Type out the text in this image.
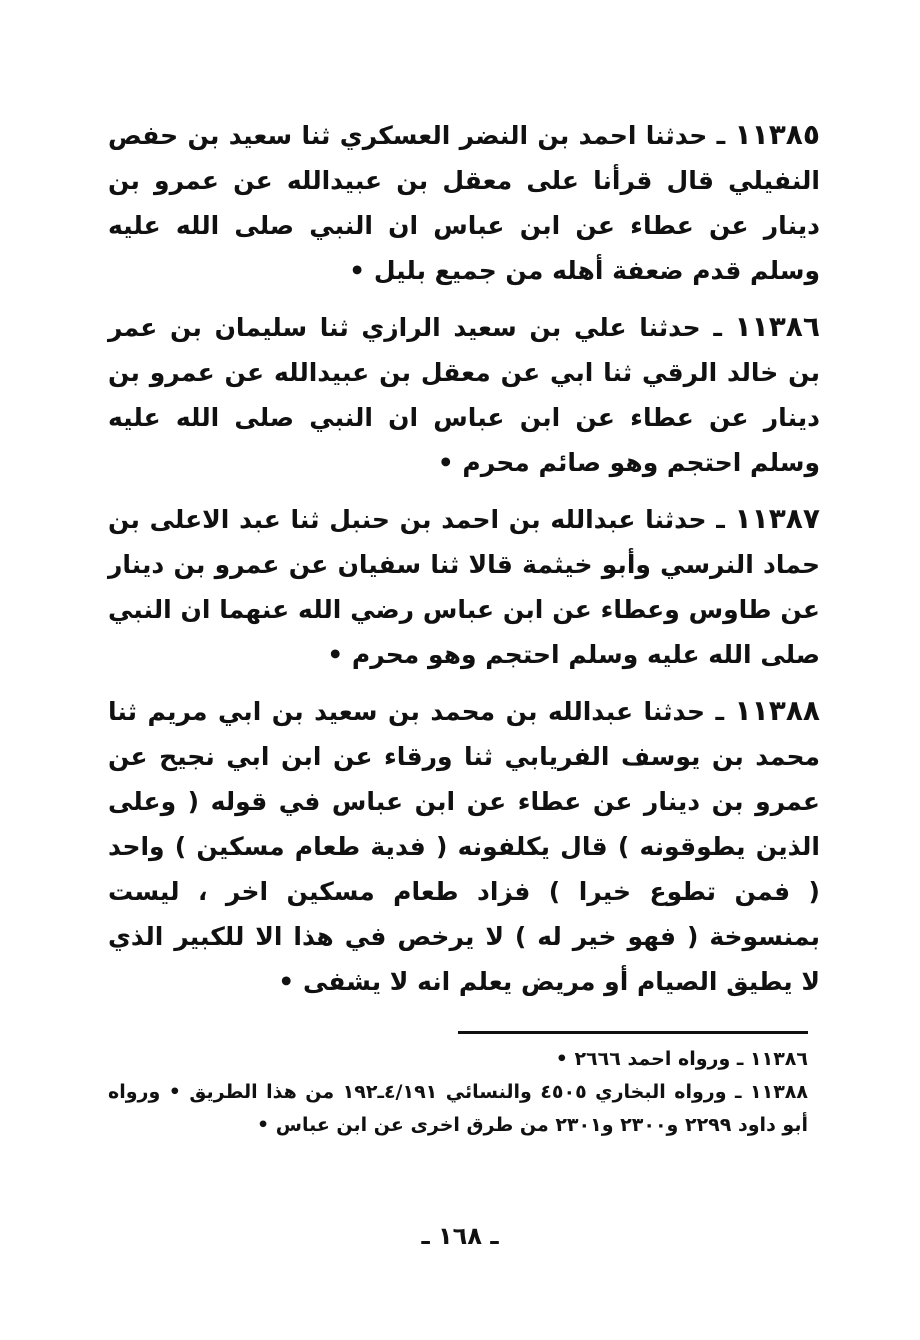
١١٣٨٥ ـ حدثنا احمد بن النضر العسكري ثنا سعيد بن حفص النفيلي قال قرأنا على معقل بن عبيدالله عن عمرو بن دينار عن عطاء عن ابن عباس ان النبي صلى الله عليه وسلم قدم ضعفة أهله من جميع بليل •

١١٣٨٦ ـ حدثنا علي بن سعيد الرازي ثنا سليمان بن عمر بن خالد الرقي ثنا ابي عن معقل بن عبيدالله عن عمرو بن دينار عن عطاء عن ابن عباس ان النبي صلى الله عليه وسلم احتجم وهو صائم محرم •

١١٣٨٧ ـ حدثنا عبدالله بن احمد بن حنبل ثنا عبد الاعلى بن حماد النرسي وأبو خيثمة قالا ثنا سفيان عن عمرو بن دينار عن طاوس وعطاء عن ابن عباس رضي الله عنهما ان النبي صلى الله عليه وسلم احتجم وهو محرم •

١١٣٨٨ ـ حدثنا عبدالله بن محمد بن سعيد بن ابي مريم ثنا محمد بن يوسف الفريابي ثنا ورقاء عن ابن ابي نجيح عن عمرو بن دينار عن عطاء عن ابن عباس في قوله ( وعلى الذين يطوقونه ) قال يكلفونه ( فدية طعام مسكين ) واحد ( فمن تطوع خيرا ) فزاد طعام مسكين اخر ، ليست بمنسوخة ( فهو خير له ) لا يرخص في هذا الا للكبير الذي لا يطيق الصيام أو مريض يعلم انه لا يشفى •

١١٣٨٦ ـ ورواه احمد ٢٦٦٦ •

١١٣٨٨ ـ ورواه البخاري ٤٥٠٥ والنسائي ٤/١٩١ـ١٩٢ من هذا الطريق • ورواه أبو داود ٢٢٩٩ و٢٣٠٠ و٢٣٠١ من طرق اخرى عن ابن عباس •

ـ ١٦٨ ـ
